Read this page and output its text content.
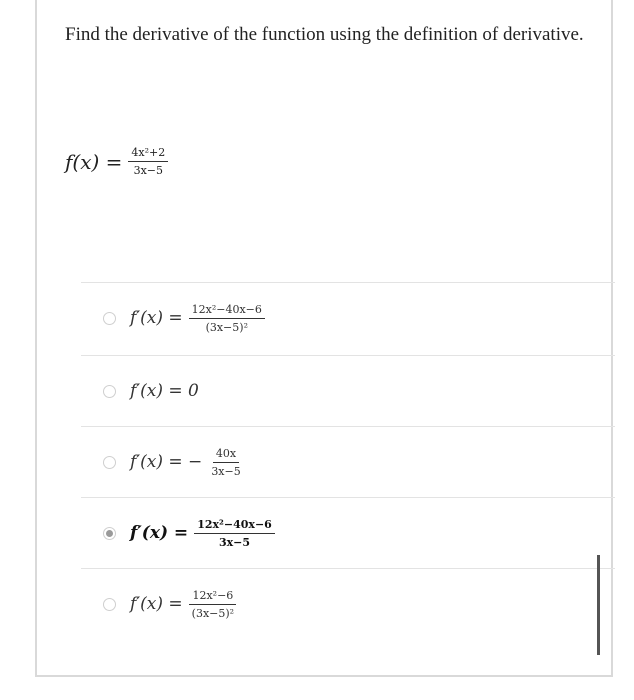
Find the derivative of the function using the definition of derivative.
$f(x) = \frac{\text{4x²+2}}{3x-5}$
$f'(x) = \frac{\text{12x²−40x−6}}{\text{(3x−5)²}}$
f′(x) = 0
f′(x) = − $\frac{40x}{3x-5}$
$f'(x) = \frac{\text{12x²−40x−6}}{3x-5}$
$f'(x) = \frac{\text{12x²−6}}{\text{(3x−5)²}}$
